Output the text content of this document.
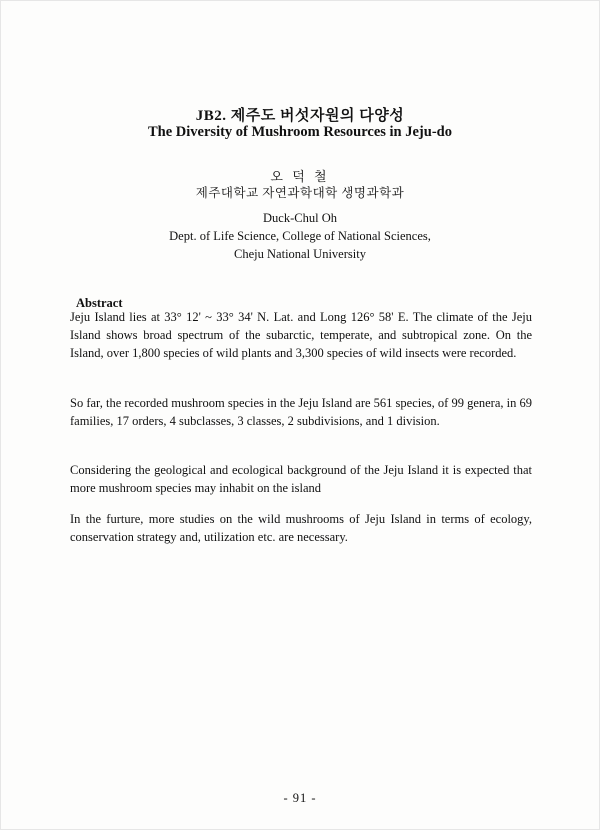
JB2. 제주도 버섯자원의 다양성
The Diversity of Mushroom Resources in Jeju-do
오 덕 철
제주대학교 자연과학대학 생명과학과
Duck-Chul Oh
Dept. of Life Science, College of National Sciences,
Cheju National University
Abstract
Jeju Island lies at 33° 12' ~ 33° 34' N. Lat. and Long 126° 58' E. The climate of the Jeju Island shows broad spectrum of the subarctic, temperate, and subtropical zone. On the Island, over 1,800 species of wild plants and 3,300 species of wild insects were recorded.
So far, the recorded mushroom species in the Jeju Island are 561 species, of 99 genera, in 69 families, 17 orders, 4 subclasses, 3 classes, 2 subdivisions, and 1 division.
Considering the geological and ecological background of the Jeju Island it is expected that more mushroom species may inhabit on the island
In the furture, more studies on the wild mushrooms of Jeju Island in terms of ecology, conservation strategy and, utilization etc. are necessary.
- 91 -
